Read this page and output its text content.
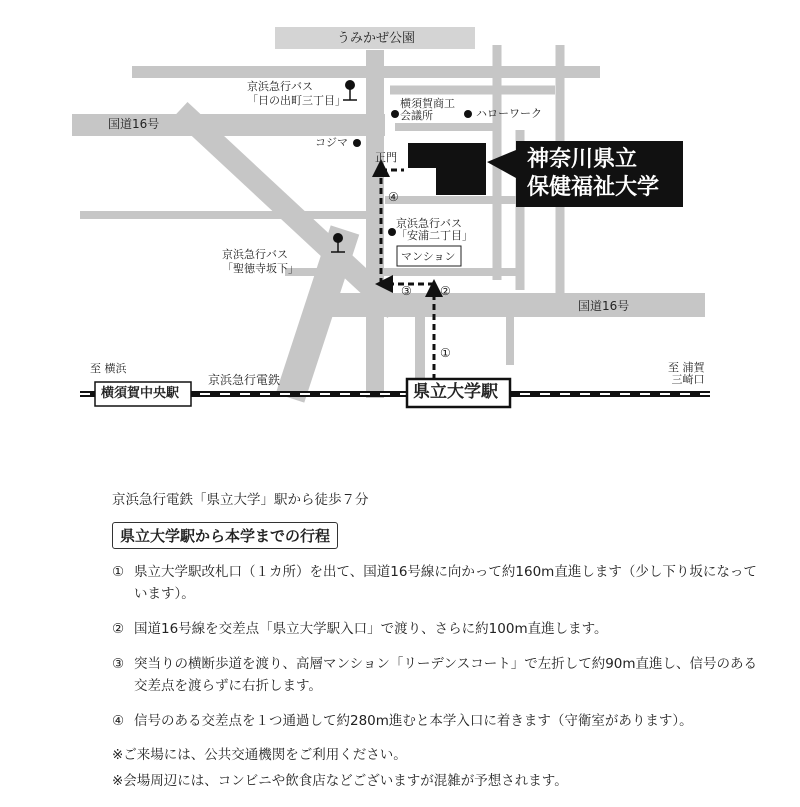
うみかぜ公園
京浜急行バス
「日の出町三丁目」	横須賀商工
会議所	ハローワーク
国道16号
コジマ
正門	神奈川県立
保健福祉大学
京浜急行バス
「安浦二丁目」
マンション
京浜急行バス
「聖徳寺坂下」
国道16号
至 横浜
京浜急行電鉄
至 浦賀
三崎口
横須賀中央駅	県立大学駅
①
②
③
④

京浜急行電鉄「県立大学」駅から徒歩７分

県立大学駅から本学までの行程
① 県立大学駅改札口（１カ所）を出て、国道16号線に向かって約160m直進します（少し下り坂になっています）。
② 国道16号線を交差点「県立大学駅入口」で渡り、さらに約100m直進します。
③ 突当りの横断歩道を渡り、高層マンション「リーデンスコート」で左折して約90m直進し、信号のある交差点を渡らずに右折します。
④ 信号のある交差点を１つ通過して約280m進むと本学入口に着きます（守衛室があります）。

※ご来場には、公共交通機関をご利用ください。

※会場周辺には、コンビニや飲食店などございますが混雑が予想されます。
